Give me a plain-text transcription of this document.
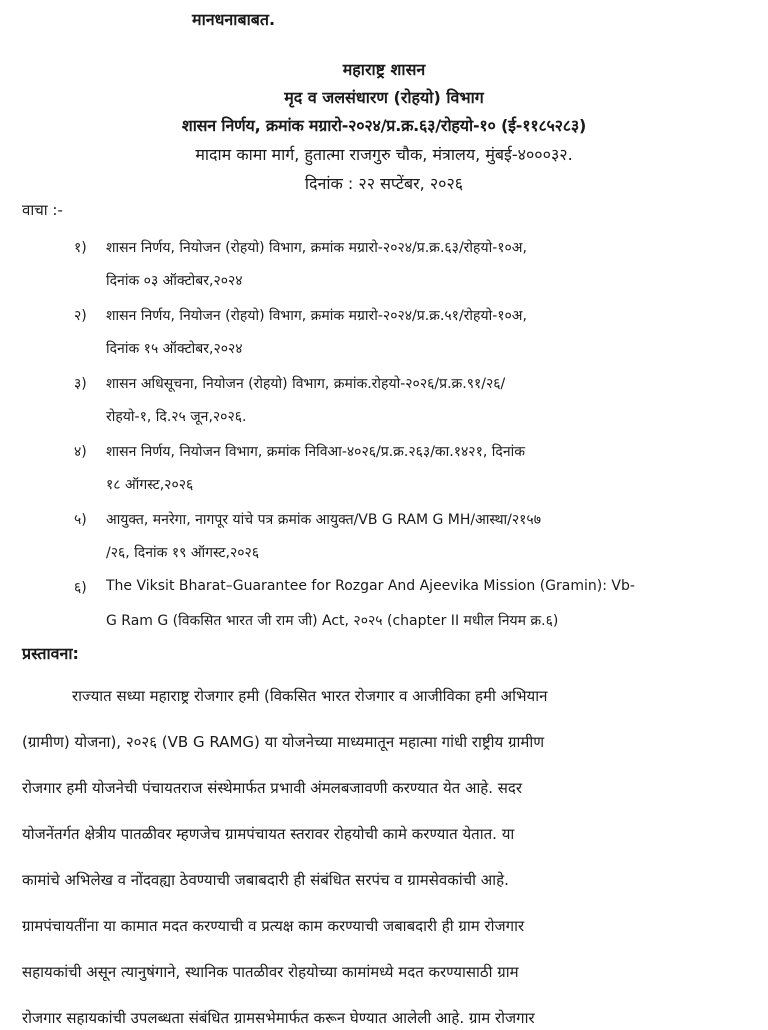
मानधनाबाबत.
महाराष्ट्र शासन
मृद व जलसंधारण (रोहयो) विभाग
शासन निर्णय, क्रमांक मग्रारो-२०२४/प्र.क्र.६३/रोहयो-१० (ई-११८५२८३)
मादाम कामा मार्ग, हुतात्मा राजगुरु चौक, मंत्रालय, मुंबई-४०००३२.
दिनांक : २२ सप्टेंबर, २०२६
वाचा :-
१) शासन निर्णय, नियोजन (रोहयो) विभाग, क्रमांक मग्रारो-२०२४/प्र.क्र.६३/रोहयो-१०अ,
दिनांक ०३ ऑक्टोबर,२०२४
२) शासन निर्णय, नियोजन (रोहयो) विभाग, क्रमांक मग्रारो-२०२४/प्र.क्र.५१/रोहयो-१०अ,
दिनांक १५ ऑक्टोबर,२०२४
३) शासन अधिसूचना, नियोजन (रोहयो) विभाग, क्रमांक.रोहयो-२०२६/प्र.क्र.९१/२६/
रोहयो-१, दि.२५ जून,२०२६.
४) शासन निर्णय, नियोजन विभाग, क्रमांक निविआ-४०२६/प्र.क्र.२६३/का.१४२१, दिनांक
१८ ऑगस्ट,२०२६
५) आयुक्त, मनरेगा, नागपूर यांचे पत्र क्रमांक आयुक्त/VB G RAM G MH/आस्था/२१५७
/२६, दिनांक १९ ऑगस्ट,२०२६
६) The Viksit Bharat–Guarantee for Rozgar And Ajeevika Mission (Gramin): Vb-
G Ram G (विकसित भारत जी राम जी) Act, २०२५ (chapter II मधील नियम क्र.६)
प्रस्तावना:
राज्यात सध्या महाराष्ट्र रोजगार हमी (विकसित भारत रोजगार व आजीविका हमी अभियान
(ग्रामीण) योजना), २०२६ (VB G RAMG) या योजनेच्या माध्यमातून महात्मा गांधी राष्ट्रीय ग्रामीण
रोजगार हमी योजनेची पंचायतराज संस्थेमार्फत प्रभावी अंमलबजावणी करण्यात येत आहे. सदर
योजनेंतर्गत क्षेत्रीय पातळीवर म्हणजेच ग्रामपंचायत स्तरावर रोहयोची कामे करण्यात येतात. या
कामांचे अभिलेख व नोंदवह्या ठेवण्याची जबाबदारी ही संबंधित सरपंच व ग्रामसेवकांची आहे.
ग्रामपंचायतींना या कामात मदत करण्याची व प्रत्यक्ष काम करण्याची जबाबदारी ही ग्राम रोजगार
सहायकांची असून त्यानुषंगाने, स्थानिक पातळीवर रोहयोच्या कामांमध्ये मदत करण्यासाठी ग्राम
रोजगार सहायकांची उपलब्धता संबंधित ग्रामसभेमार्फत करून घेण्यात आलेली आहे. ग्राम रोजगार
